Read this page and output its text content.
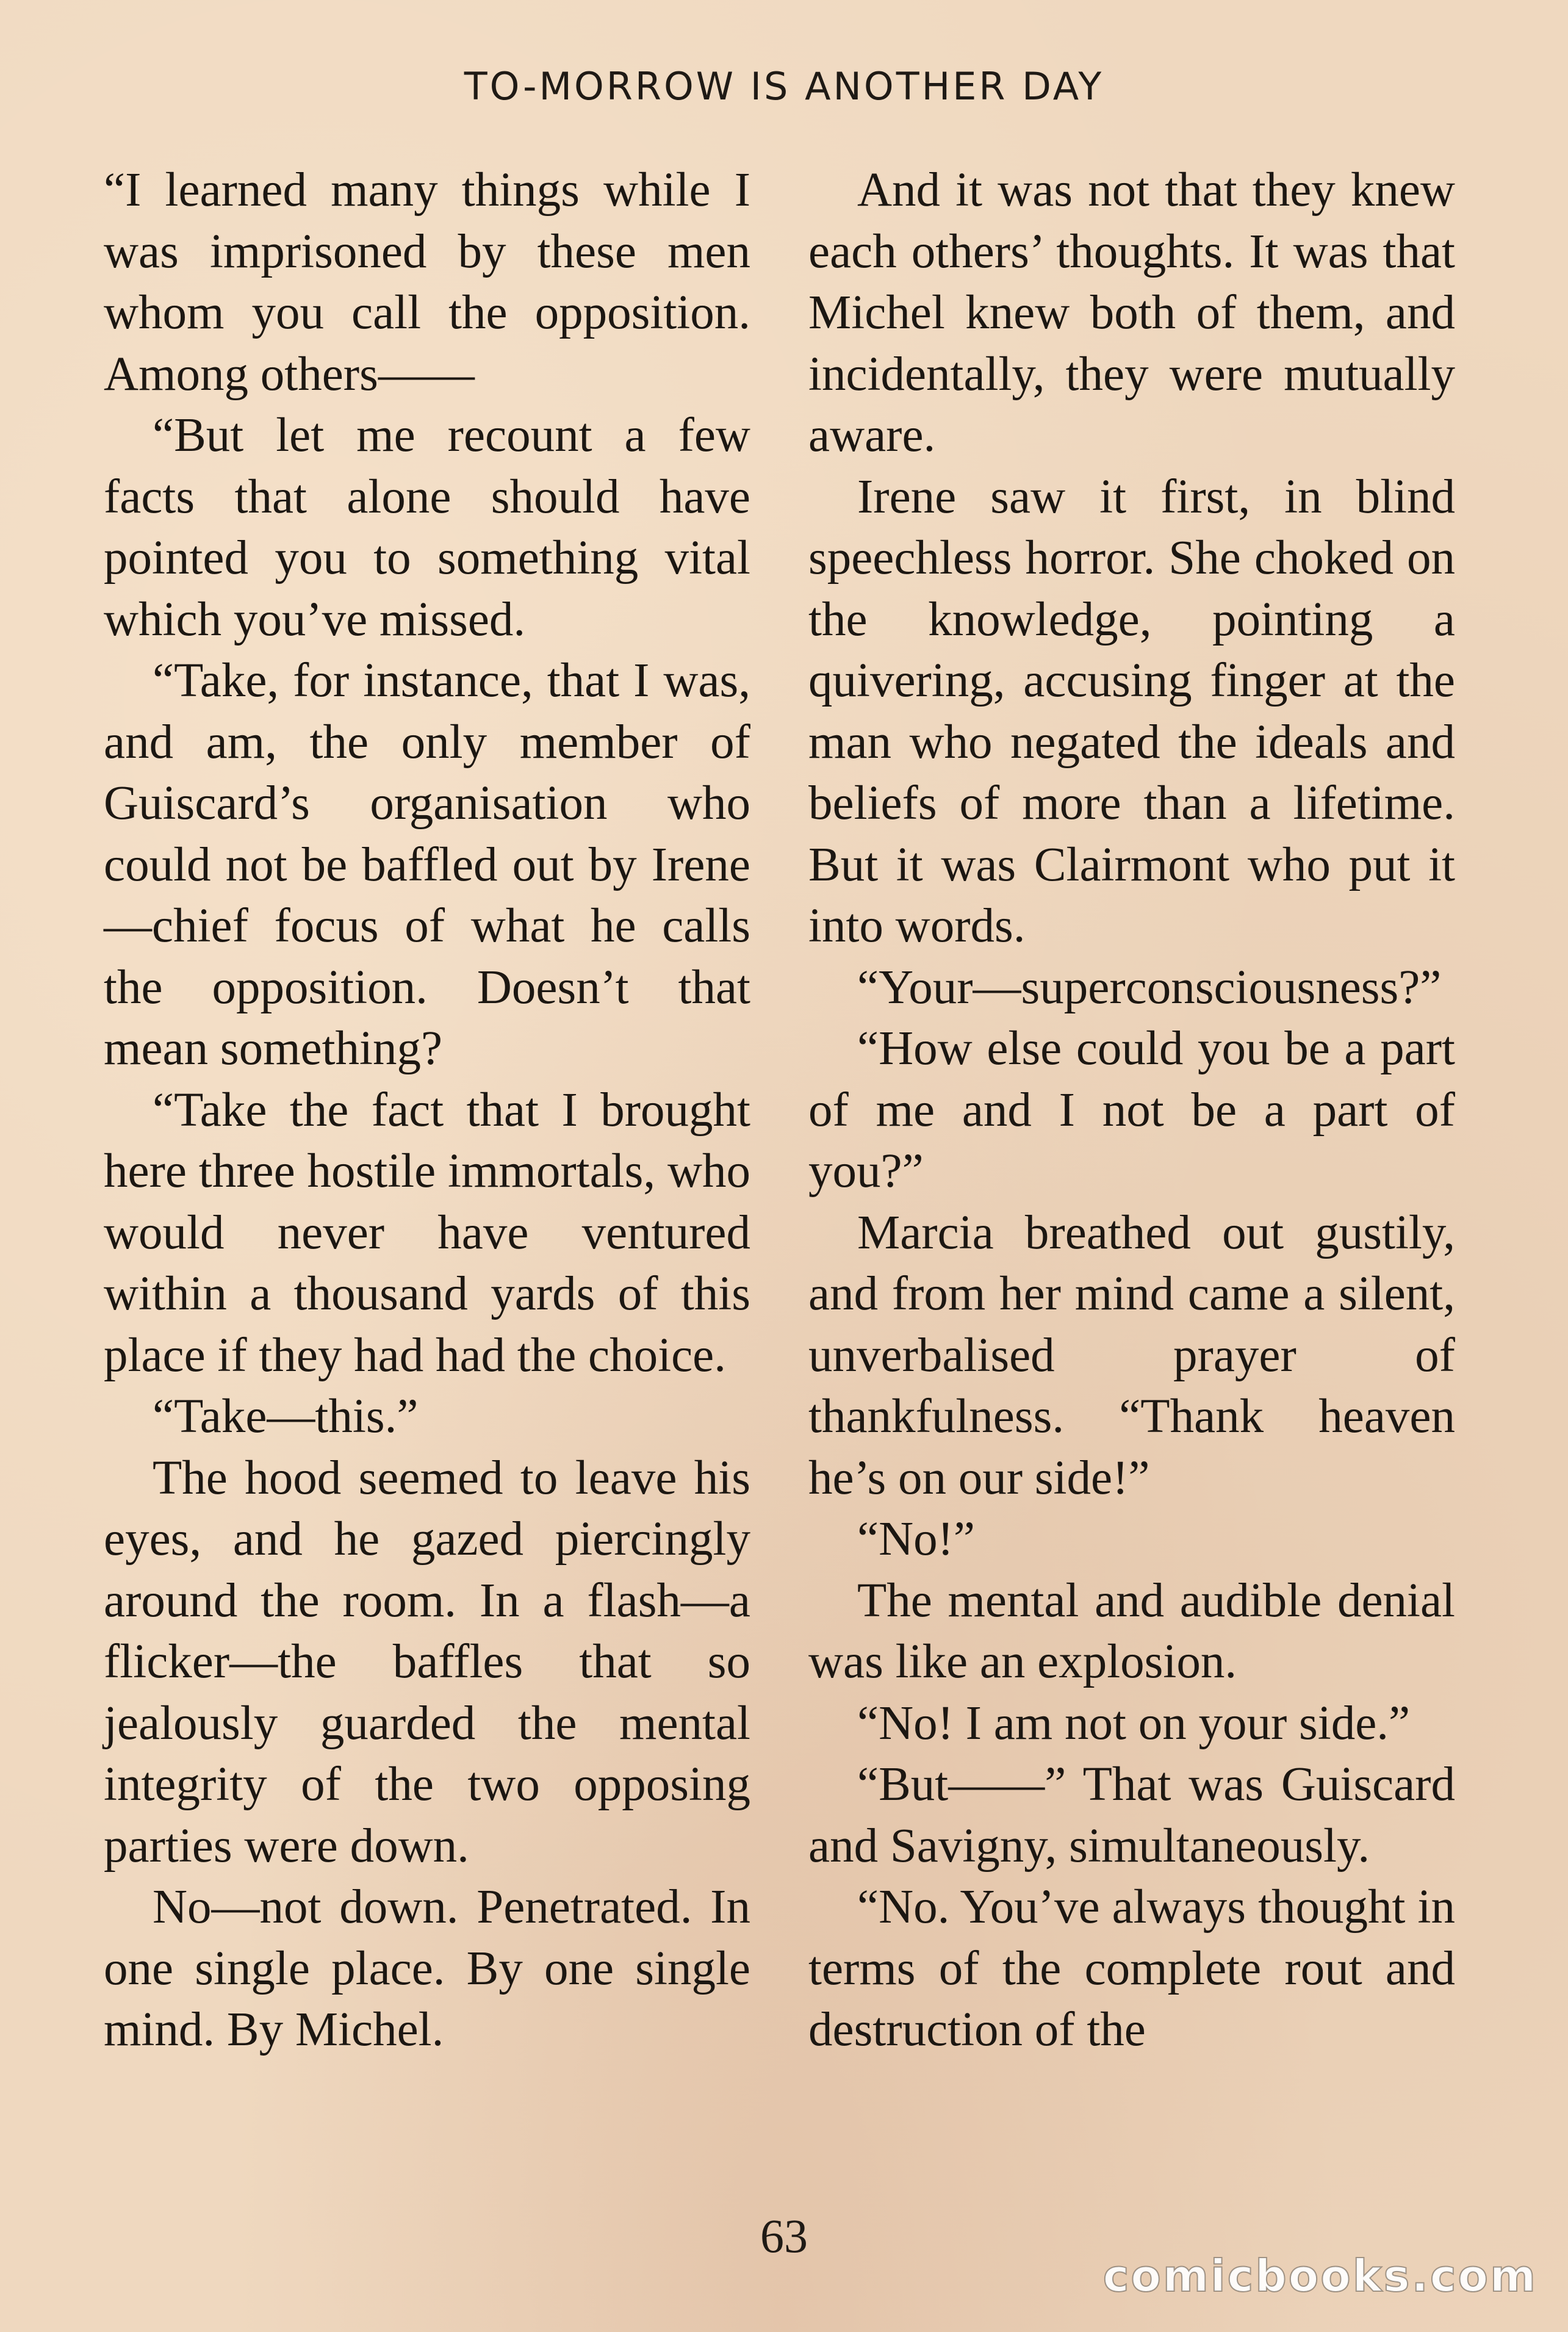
TO-MORROW IS ANOTHER DAY

“I learned many things while I was imprisoned by these men whom you call the opposition. Among others——

“But let me recount a few facts that alone should have pointed you to something vital which you’ve missed.

“Take, for instance, that I was, and am, the only member of Guiscard’s organisation who could not be baffled out by Irene—chief focus of what he calls the opposition. Doesn’t that mean something?

“Take the fact that I brought here three hostile immortals, who would never have ventured within a thousand yards of this place if they had had the choice.

“Take—this.”

The hood seemed to leave his eyes, and he gazed piercingly around the room. In a flash—a flicker—the baffles that so jealously guarded the mental integrity of the two opposing parties were down.

No—not down. Penetrated. In one single place. By one single mind. By Michel.

And it was not that they knew each others’ thoughts. It was that Michel knew both of them, and incidentally, they were mutually aware.

Irene saw it first, in blind speechless horror. She choked on the knowledge, pointing a quivering, accusing finger at the man who negated the ideals and beliefs of more than a lifetime. But it was Clairmont who put it into words.

“Your—superconsciousness?”

“How else could you be a part of me and I not be a part of you?”

Marcia breathed out gustily, and from her mind came a silent, unverbalised prayer of thankfulness. “Thank heaven he’s on our side!”

“No!”

The mental and audible denial was like an explosion.

“No! I am not on your side.”

“But——” That was Guiscard and Savigny, simultaneously.

“No. You’ve always thought in terms of the complete rout and destruction of the

63
comicbooks.com
